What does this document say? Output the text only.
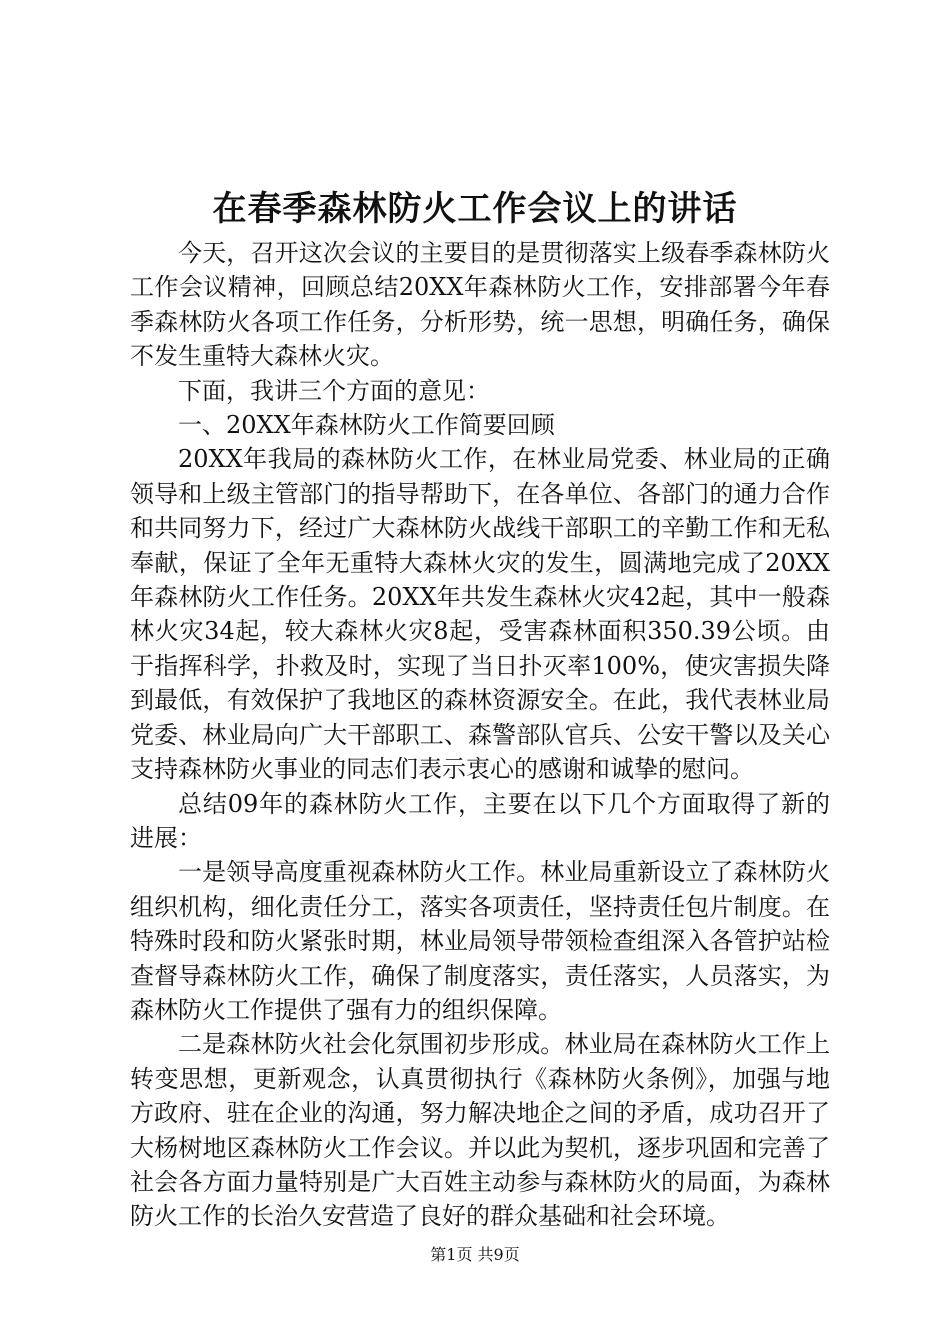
在春季森林防火工作会议上的讲话

今天，召开这次会议的主要目的是贯彻落实上级春季森林防火工作会议精神，回顾总结20XX年森林防火工作，安排部署今年春季森林防火各项工作任务，分析形势，统一思想，明确任务，确保不发生重特大森林火灾。

下面，我讲三个方面的意见：

一、20XX年森林防火工作简要回顾

20XX年我局的森林防火工作，在林业局党委、林业局的正确领导和上级主管部门的指导帮助下，在各单位、各部门的通力合作和共同努力下，经过广大森林防火战线干部职工的辛勤工作和无私奉献，保证了全年无重特大森林火灾的发生，圆满地完成了20XX年森林防火工作任务。20XX年共发生森林火灾42起，其中一般森林火灾34起，较大森林火灾8起，受害森林面积350.39公顷。由于指挥科学，扑救及时，实现了当日扑灭率100%，使灾害损失降到最低，有效保护了我地区的森林资源安全。在此，我代表林业局党委、林业局向广大干部职工、森警部队官兵、公安干警以及关心支持森林防火事业的同志们表示衷心的感谢和诚挚的慰问。

总结09年的森林防火工作，主要在以下几个方面取得了新的进展：

一是领导高度重视森林防火工作。林业局重新设立了森林防火组织机构，细化责任分工，落实各项责任，坚持责任包片制度。在特殊时段和防火紧张时期，林业局领导带领检查组深入各管护站检查督导森林防火工作，确保了制度落实，责任落实，人员落实，为森林防火工作提供了强有力的组织保障。

二是森林防火社会化氛围初步形成。林业局在森林防火工作上转变思想，更新观念，认真贯彻执行《森林防火条例》，加强与地方政府、驻在企业的沟通，努力解决地企之间的矛盾，成功召开了大杨树地区森林防火工作会议。并以此为契机，逐步巩固和完善了社会各方面力量特别是广大百姓主动参与森林防火的局面，为森林防火工作的长治久安营造了良好的群众基础和社会环境。

第1页 共9页
